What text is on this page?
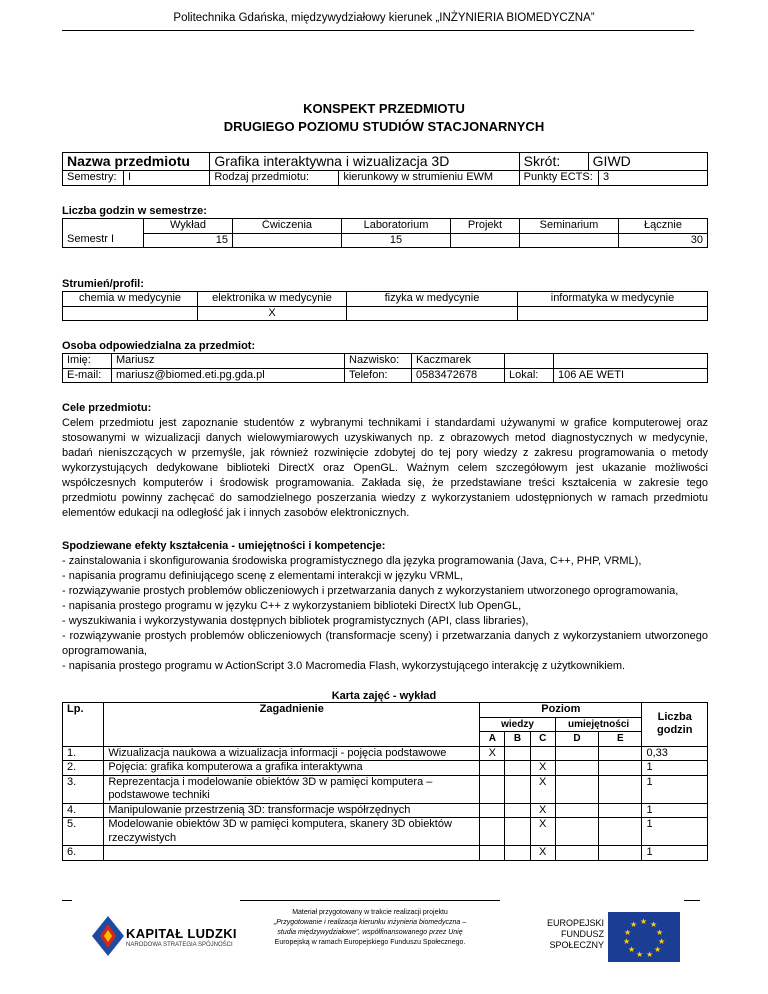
Politechnika Gdańska, międzywydziałowy kierunek „INŻYNIERIA BIOMEDYCZNA”
KONSPEKT PRZEDMIOTU
DRUGIEGO POZIOMU STUDIÓW STACJONARNYCH
Nazwa przedmiotu		Grafika interaktywna i wizualizacja 3D		Skrót:	GIWD	
Semestry:	I	Rodzaj przedmiotu:	kierunkowy w strumieniu EWM	Punkty ECTS:		3
Liczba godzin w semestrze:
	Wykład	Ćwiczenia	Laboratorium	Projekt	Seminarium	Łącznie
Semestr I	15		15			30
Strumień/profil:
chemia w medycynie	elektronika w medycynie	fizyka w medycynie	informatyka w medycynie
	X		
Osoba odpowiedzialna za przedmiot:
Imię:	Mariusz	Nazwisko:	Kaczmarek		
E-mail:	mariusz@biomed.eti.pg.gda.pl	Telefon:	0583472678	Lokal:	106 AE WETI
Cele przedmiotu:
Celem przedmiotu jest zapoznanie studentów z wybranymi technikami i standardami używanymi w grafice komputerowej oraz stosowanymi w wizualizacji danych wielowymiarowych uzyskiwanych np. z obrazowych metod diagnostycznych w medycynie, badań nieniszczących w przemyśle, jak również rozwinięcie zdobytej do tej pory wiedzy z zakresu programowania o metody wykorzystujących dedykowane biblioteki DirectX oraz OpenGL. Ważnym celem szczegółowym jest ukazanie możliwości współczesnych komputerów i środowisk programowania. Zakłada się, że przedstawiane treści kształcenia w zakresie tego przedmiotu powinny zachęcać do samodzielnego poszerzania wiedzy z wykorzystaniem udostępnionych w ramach przedmiotu elementów edukacji na odległość jak i innych zasobów elektronicznych.
Spodziewane efekty kształcenia - umiejętności i kompetencje:
- zainstalowania i skonfigurowania środowiska programistycznego dla języka programowania (Java, C++, PHP, VRML),
- napisania programu definiującego scenę z elementami interakcji w języku VRML,
- rozwiązywanie prostych problemów obliczeniowych i przetwarzania danych z wykorzystaniem utworzonego oprogramowania,
- napisania prostego programu w języku C++ z wykorzystaniem biblioteki DirectX lub OpenGL,
- wyszukiwania i wykorzystywania dostępnych bibliotek programistycznych (API, class libraries),
- rozwiązywanie prostych problemów obliczeniowych (transformacje sceny) i przetwarzania danych z wykorzystaniem utworzonego oprogramowania,
- napisania prostego programu w ActionScript 3.0 Macromedia Flash, wykorzystującego interakcję z użytkownikiem.
Karta zajęć - wykład
Lp.	Zagadnienie	Poziom					Liczba godzin
		wiedzy			umiejętności		
		A	B	C	D	E	
1.	Wizualizacja naukowa a wizualizacja informacji - pojęcia podstawowe	X					0,33
2.	Pojęcia: grafika komputerowa a grafika interaktywna			X			1
3.	Reprezentacja i modelowanie obiektów 3D w pamięci komputera – podstawowe techniki			X			1
4.	Manipulowanie przestrzenią 3D: transformacje współrzędnych			X			1
5.	Modelowanie obiektów 3D w pamięci komputera, skanery 3D obiektów rzeczywistych			X			1
6.				X			1
KAPITAŁ LUDZKI
NARODOWA STRATEGIA SPÓJNOŚCI
Materiał przygotowany w trakcie realizacji projektu
„Przygotowanie i realizacja kierunku inżynieria biomedyczna –
studia międzywydziałowe”, współfinansowanego przez Unię
Europejską w ramach Europejskiego Funduszu Społecznego.
EUROPEJSKI
FUNDUSZ SPOŁECZNY
★ ★
★
★
★
★
★
★
★
★
★
